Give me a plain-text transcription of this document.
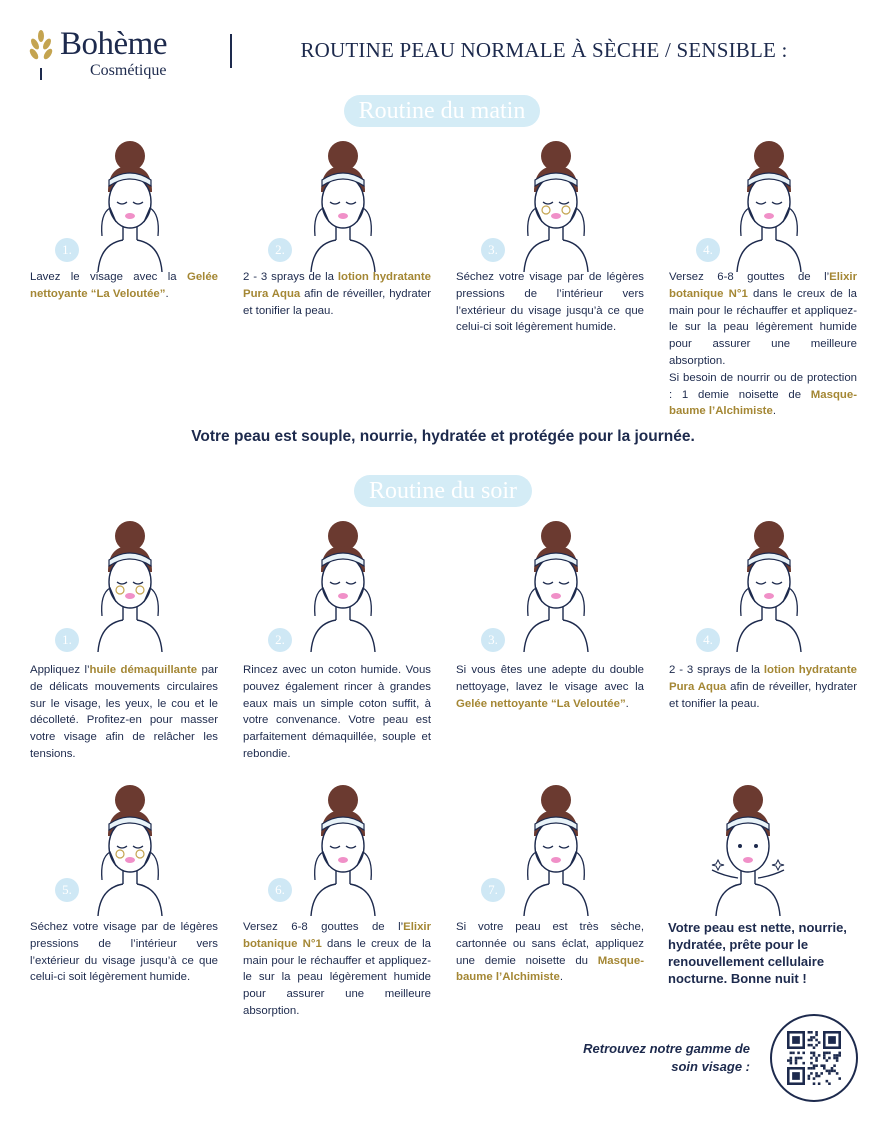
Bohème
Cosmétique
ROUTINE PEAU NORMALE À SÈCHE / SENSIBLE :
Routine du matin
1.

Lavez le visage avec la Gelée nettoyante “La Veloutée”.

2.

2 - 3 sprays de la lotion hydratante Pura Aqua afin de réveiller, hydrater et tonifier la peau.

3.

Séchez votre visage par de légères pressions de l’intérieur vers l’extérieur du visage jusqu’à ce que celui-ci soit légèrement humide.

4.

Versez 6-8 gouttes de l’Elixir botanique N°1 dans le creux de la main pour le réchauffer et appliquez-le sur la peau légèrement humide pour assurer une meilleure absorption.

Si besoin de nourrir ou de protection : 1 demie noisette de Masque-baume l’Alchimiste.

Votre peau est souple, nourrie, hydratée et protégée pour la journée.
Routine du soir
1.

Appliquez l’huile démaquillante par de délicats mouvements circulaires sur le visage, les yeux, le cou et le décolleté. Profitez-en pour masser votre visage afin de relâcher les tensions.

2.

Rincez avec un coton humide. Vous pouvez également rincer à grandes eaux mais un simple coton suffit, à votre convenance. Votre peau est parfaitement démaquillée, souple et rebondie.

3.

Si vous êtes une adepte du double nettoyage, lavez le visage avec la Gelée nettoyante “La Veloutée”.

4.

2 - 3 sprays de la lotion hydratante Pura Aqua afin de réveiller, hydrater et tonifier la peau.

5.

Séchez votre visage par de légères pressions de l’intérieur vers l’extérieur du visage jusqu’à ce que celui-ci soit légèrement humide.

6.

Versez 6-8 gouttes de l’Elixir botanique N°1 dans le creux de la main pour le réchauffer et appliquez-le sur la peau légèrement humide pour assurer une meilleure absorption.

7.

Si votre peau est très sèche, cartonnée ou sans éclat, appliquez une demie noisette du Masque-baume l’Alchimiste.

Votre peau est nette, nourrie, hydratée, prête pour le renouvellement cellulaire nocturne. Bonne nuit !
Retrouvez notre gamme de soin visage :
